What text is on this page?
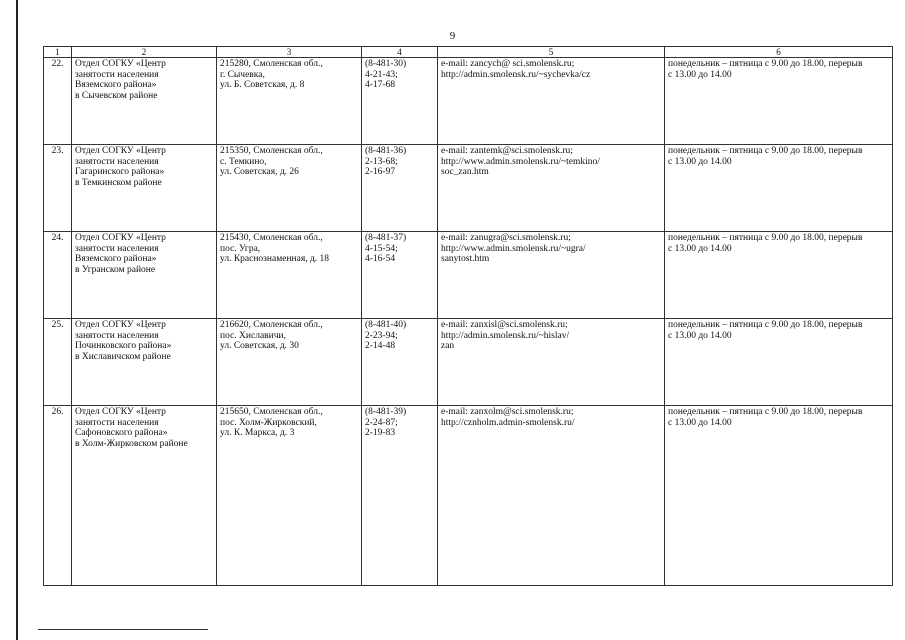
9
1	2	3	4	5	6
22.	Отдел СОГКУ «Центр
занятости населения
Вяземского района»
в Сычевском районе	215280, Смоленская обл.,
г. Сычевка,
ул. Б. Советская, д. 8	(8-481-30)
4-21-43;
4-17-68	e-mail: zancych@ sci.smolensk.ru;
http://admin.smolensk.ru/~sychevka/cz	понедельник – пятница с 9.00 до 18.00, перерыв
с 13.00 до 14.00

23.	Отдел СОГКУ «Центр
занятости населения
Гагаринского района»
в Темкинском районе	215350, Смоленская обл.,
с. Темкино,
ул. Советская, д. 26	(8-481-36)
2-13-68;
2-16-97	e-mail: zantemk@sci.smolensk.ru;
http://www.admin.smolensk.ru/~temkino/
soc_zan.htm	понедельник – пятница с 9.00 до 18.00, перерыв
с 13.00 до 14.00

24.	Отдел СОГКУ «Центр
занятости населения
Вяземского района»
в Угранском районе	215430, Смоленская обл.,
пос. Угра,
ул. Краснознаменная, д. 18	(8-481-37)
4-15-54;
4-16-54	e-mail: zanugra@sci.smolensk.ru;
http://www.admin.smolensk.ru/~ugra/
sanytost.htm	понедельник – пятница с 9.00 до 18.00, перерыв
с 13.00 до 14.00

25.	Отдел СОГКУ «Центр
занятости населения
Починковского района»
в Хиславичском районе	216620, Смоленская обл.,
пос. Хиславичи,
ул. Советская, д. 30	(8-481-40)
2-23-94;
2-14-48	e-mail: zanxisl@sci.smolensk.ru;
http://admin.smolensk.ru/~hislav/
zan	понедельник – пятница с 9.00 до 18.00, перерыв
с 13.00 до 14.00

26.	Отдел СОГКУ «Центр
занятости населения
Сафоновского района»
в Холм-Жирковском районе	215650, Смоленская обл.,
пос. Холм-Жирковский,
ул. К. Маркса, д. 3	(8-481-39)
2-24-87;
2-19-83	e-mail: zanxolm@sci.smolensk.ru;
http://cznholm.admin-smolensk.ru/	понедельник – пятница с 9.00 до 18.00, перерыв
с 13.00 до 14.00
